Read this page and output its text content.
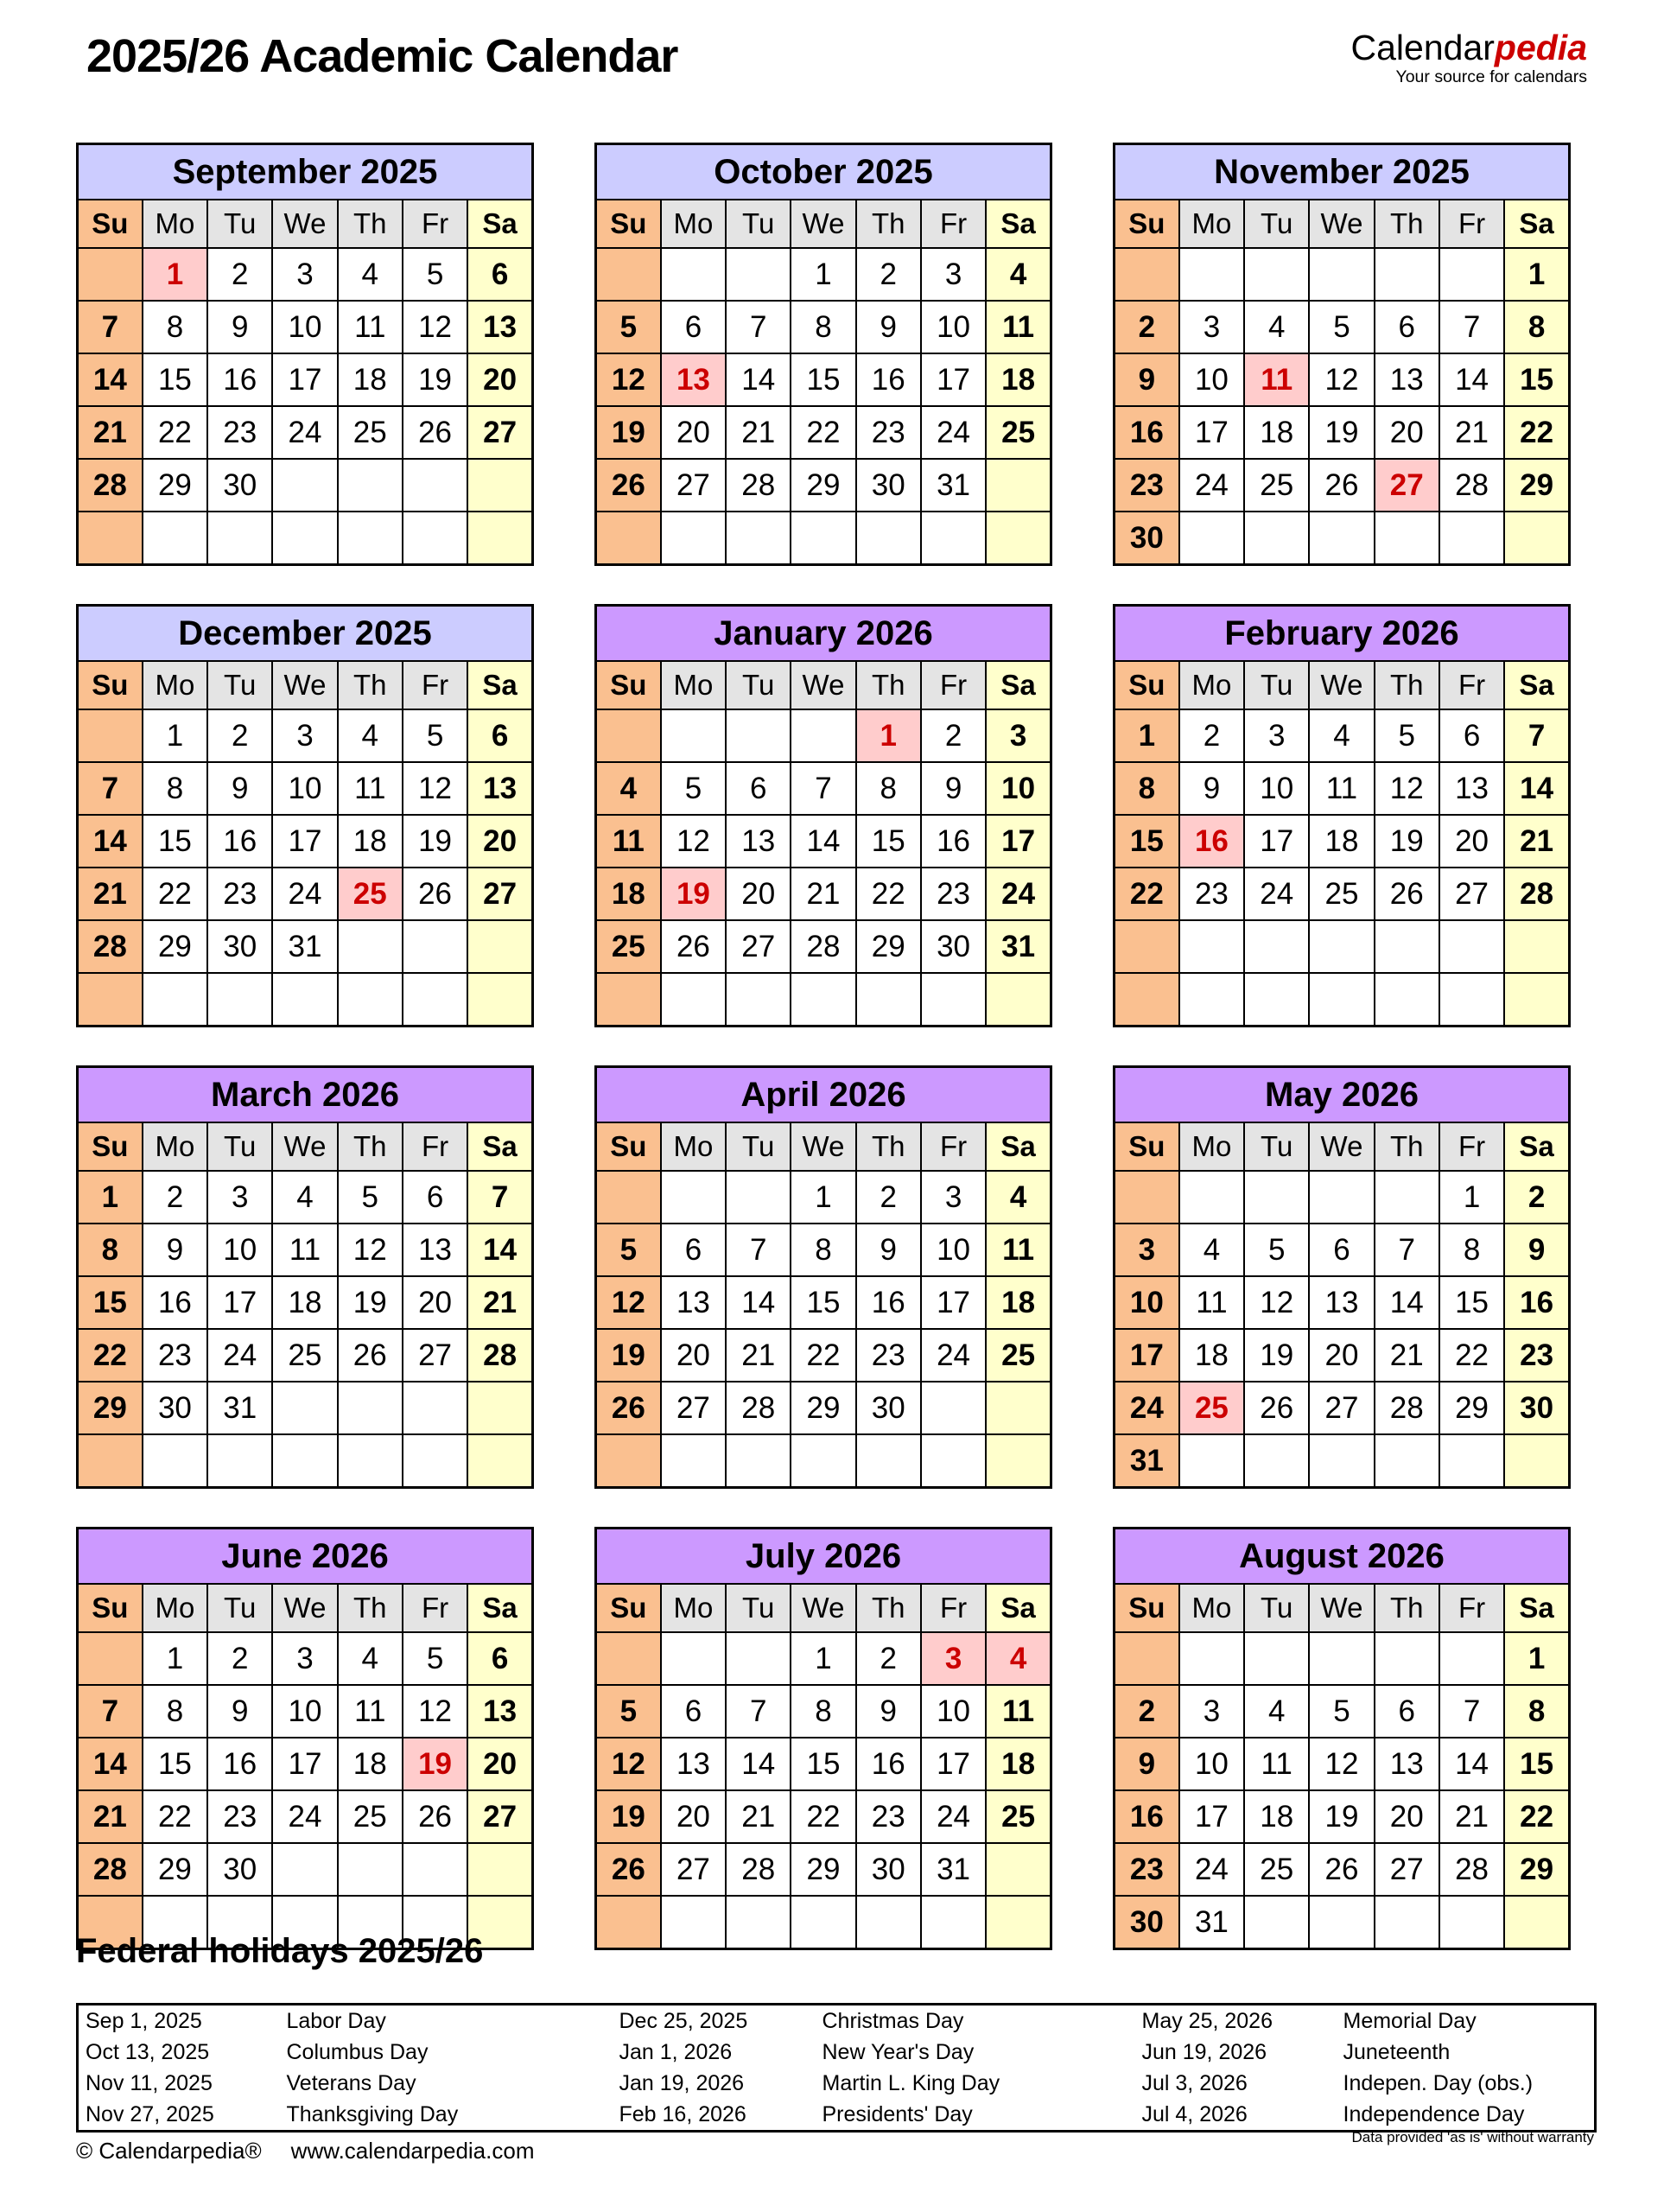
2025/26 Academic Calendar	Calendarpedia
Your source for calendars
September 2025						
Su	Mo	Tu	We	Th	Fr	Sa
	1	2	3	4	5	6
7	8	9	10	11	12	13
14	15	16	17	18	19	20
21	22	23	24	25	26	27
28	29	30				

October 2025						
Su	Mo	Tu	We	Th	Fr	Sa
			1	2	3	4
5	6	7	8	9	10	11
12	13	14	15	16	17	18
19	20	21	22	23	24	25
26	27	28	29	30	31	

November 2025						
Su	Mo	Tu	We	Th	Fr	Sa
						1
2	3	4	5	6	7	8
9	10	11	12	13	14	15
16	17	18	19	20	21	22
23	24	25	26	27	28	29
30						
December 2025						
Su	Mo	Tu	We	Th	Fr	Sa
	1	2	3	4	5	6
7	8	9	10	11	12	13
14	15	16	17	18	19	20
21	22	23	24	25	26	27
28	29	30	31			

January 2026						
Su	Mo	Tu	We	Th	Fr	Sa
				1	2	3
4	5	6	7	8	9	10
11	12	13	14	15	16	17
18	19	20	21	22	23	24
25	26	27	28	29	30	31

February 2026						
Su	Mo	Tu	We	Th	Fr	Sa
1	2	3	4	5	6	7
8	9	10	11	12	13	14
15	16	17	18	19	20	21
22	23	24	25	26	27	28

March 2026						
Su	Mo	Tu	We	Th	Fr	Sa
1	2	3	4	5	6	7
8	9	10	11	12	13	14
15	16	17	18	19	20	21
22	23	24	25	26	27	28
29	30	31				

April 2026						
Su	Mo	Tu	We	Th	Fr	Sa
			1	2	3	4
5	6	7	8	9	10	11
12	13	14	15	16	17	18
19	20	21	22	23	24	25
26	27	28	29	30		

May 2026						
Su	Mo	Tu	We	Th	Fr	Sa
					1	2
3	4	5	6	7	8	9
10	11	12	13	14	15	16
17	18	19	20	21	22	23
24	25	26	27	28	29	30
31						
June 2026						
Su	Mo	Tu	We	Th	Fr	Sa
	1	2	3	4	5	6
7	8	9	10	11	12	13
14	15	16	17	18	19	20
21	22	23	24	25	26	27
28	29	30				

July 2026						
Su	Mo	Tu	We	Th	Fr	Sa
			1	2	3	4
5	6	7	8	9	10	11
12	13	14	15	16	17	18
19	20	21	22	23	24	25
26	27	28	29	30	31	

August 2026						
Su	Mo	Tu	We	Th	Fr	Sa
						1
2	3	4	5	6	7	8
9	10	11	12	13	14	15
16	17	18	19	20	21	22
23	24	25	26	27	28	29
30	31					
Federal holidays 2025/26
Sep 1, 2025	Labor Day	Dec 25, 2025	Christmas Day	May 25, 2026	Memorial Day
Oct 13, 2025	Columbus Day	Jan 1, 2026	New Year's Day	Jun 19, 2026	Juneteenth
Nov 11, 2025	Veterans Day	Jan 19, 2026	Martin L. King Day	Jul 3, 2026	Indepen. Day (obs.)
Nov 27, 2025	Thanksgiving Day	Feb 16, 2026	Presidents' Day	Jul 4, 2026	Independence Day
© Calendarpedia® www.calendarpedia.com
Data provided 'as is' without warranty
